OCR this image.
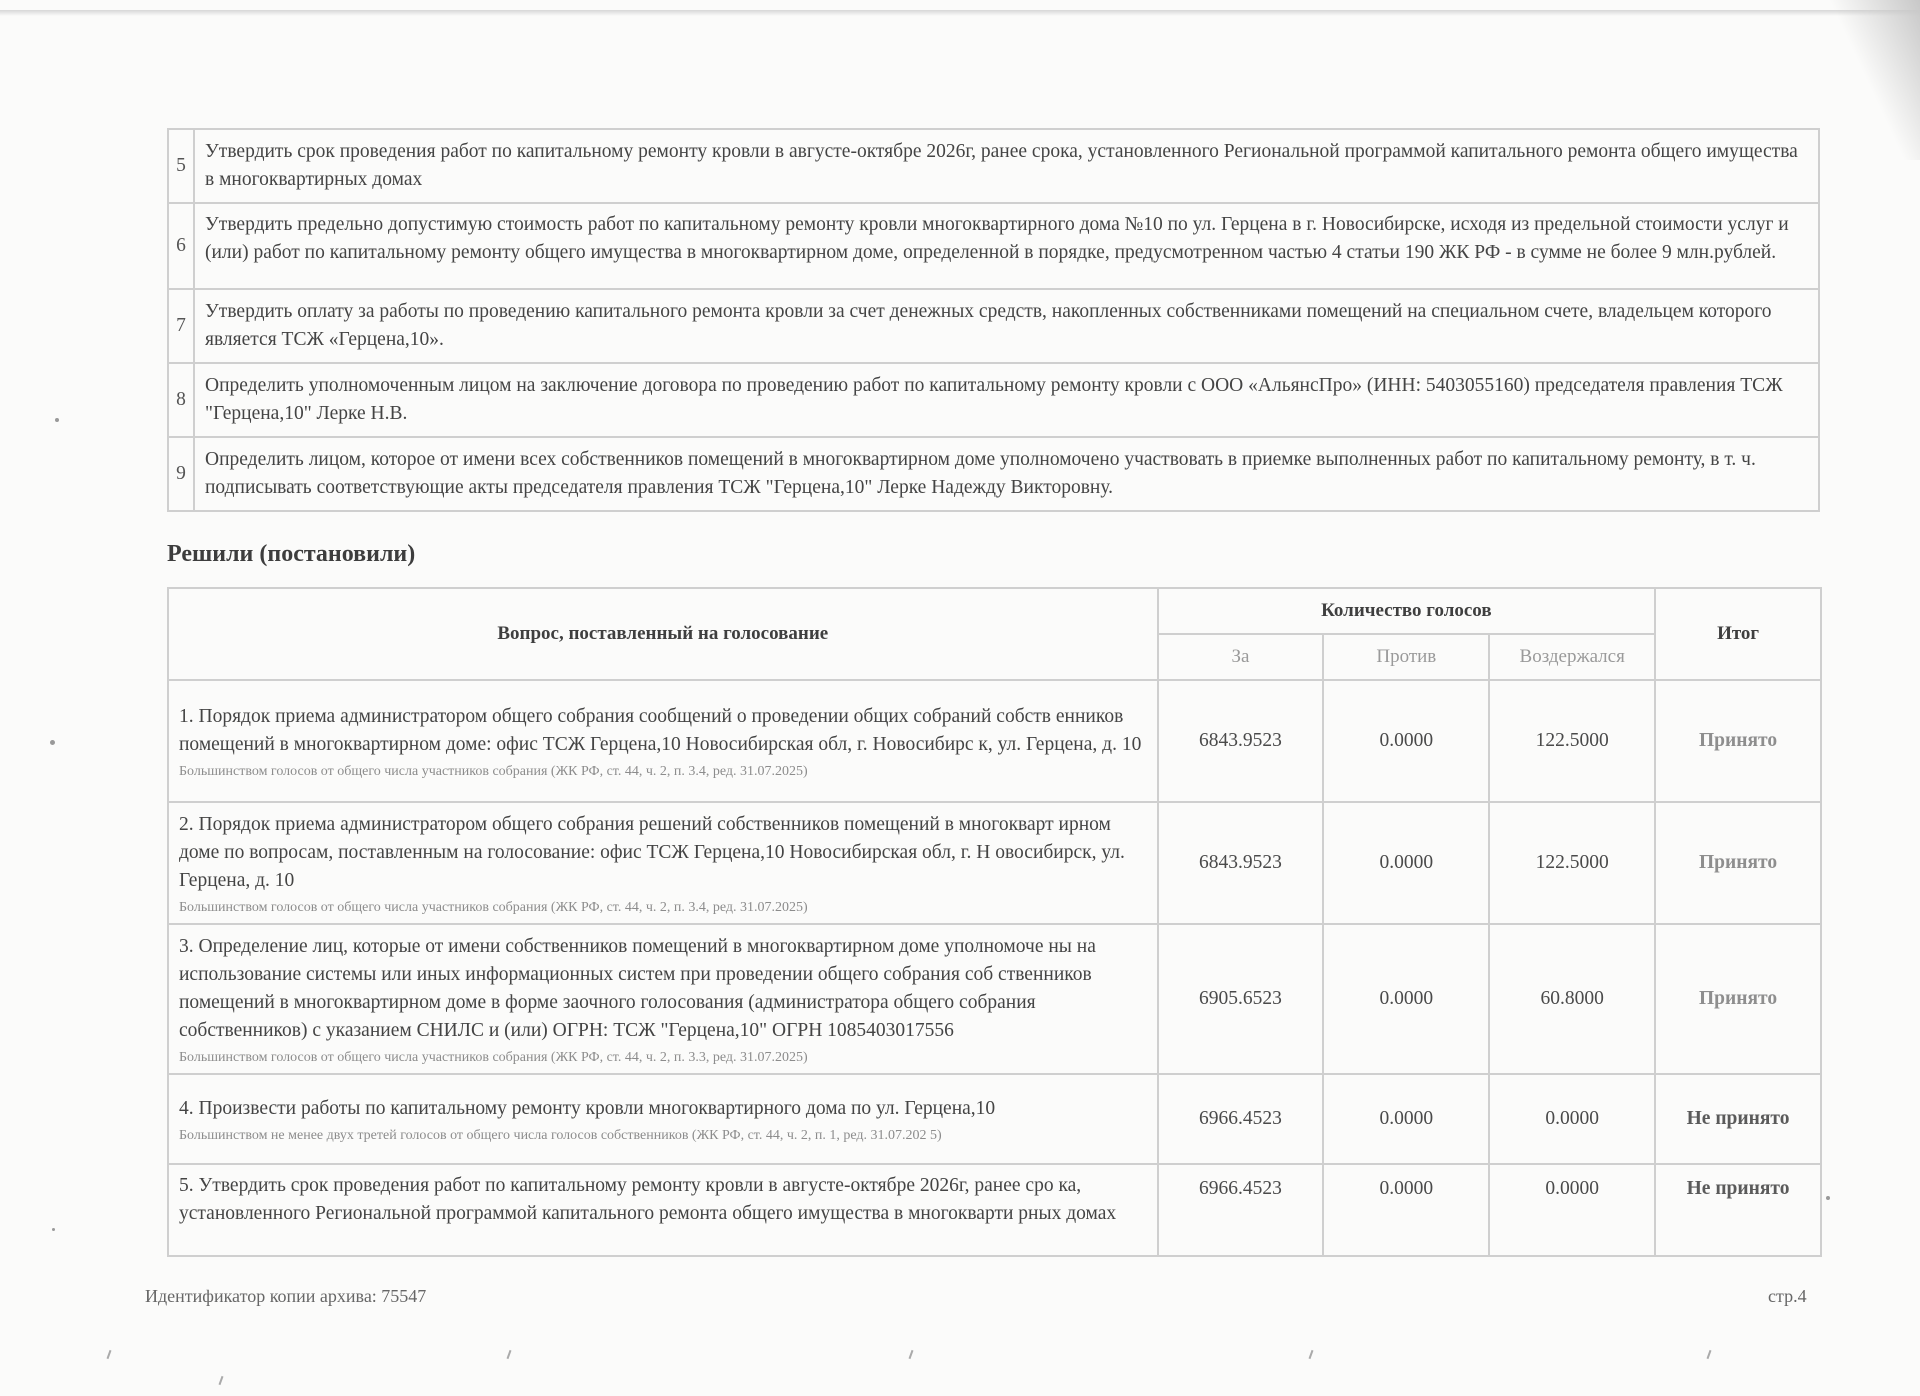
5	Утвердить срок проведения работ по капитальному ремонту кровли в августе-октябре 2026г, ранее срока, установленного Региональной программой капитального ремонта общего имущества в многоквартирных домах
6	Утвердить предельно допустимую стоимость работ по капитальному ремонту кровли многоквартирного дома №10 по ул. Герцена в г. Новосибирске, исходя из предельной стоимости услуг и (или) работ по капитальному ремонту общего имущества в многоквартирном доме, определенной в порядке, предусмотренном частью 4 статьи 190 ЖК РФ - в сумме не более 9 млн.рублей.

7	Утвердить оплату за работы по проведению капитального ремонта кровли за счет денежных средств, накопленных собственниками помещений на специальном счете, владельцем которого является ТСЖ «Герцена,10».
8	Определить уполномоченным лицом на заключение договора по проведению работ по капитальному ремонту кровли с ООО «АльянсПро» (ИНН: 5403055160) председателя правления ТСЖ "Герцена,10" Лерке Н.В.
9	Определить лицом, которое от имени всех собственников помещений в многоквартирном доме уполномочено участвовать в приемке выполненных работ по капитальному ремонту, в т. ч. подписывать соответствующие акты председателя правления ТСЖ "Герцена,10" Лерке Надежду Викторовну.
Решили (постановили)
Вопрос, поставленный на голосование	Количество голосов			Итог
	За	Против	Воздержался	

1. Порядок приема администратором общего собрания сообщений о проведении общих собраний собств енников помещений в многоквартирном доме: офис ТСЖ Герцена,10 Новосибирская обл, г. Новосибирс к, ул. Герцена, д. 10
Большинством голосов от общего числа участников собрания (ЖК РФ, ст. 44, ч. 2, п. 3.4, ред. 31.07.2025)	6843.9523	0.0000	122.5000	Принято

2. Порядок приема администратором общего собрания решений собственников помещений в многокварт ирном доме по вопросам, поставленным на голосование: офис ТСЖ Герцена,10 Новосибирская обл, г. Н овосибирск, ул. Герцена, д. 10
Большинством голосов от общего числа участников собрания (ЖК РФ, ст. 44, ч. 2, п. 3.4, ред. 31.07.2025)	6843.9523	0.0000	122.5000	Принято

3. Определение лиц, которые от имени собственников помещений в многоквартирном доме уполномоче ны на использование системы или иных информационных систем при проведении общего собрания соб ственников помещений в многоквартирном доме в форме заочного голосования (администратора общего собрания собственников) с указанием СНИЛС и (или) ОГРН: ТСЖ "Герцена,10" ОГРН 1085403017556
Большинством голосов от общего числа участников собрания (ЖК РФ, ст. 44, ч. 2, п. 3.3, ред. 31.07.2025)	6905.6523	0.0000	60.8000	Принято

4. Произвести работы по капитальному ремонту кровли многоквартирного дома по ул. Герцена,10
Большинством не менее двух третей голосов от общего числа голосов собственников (ЖК РФ, ст. 44, ч. 2, п. 1, ред. 31.07.202 5)	6966.4523	0.0000	0.0000	Не принято

5. Утвердить срок проведения работ по капитальному ремонту кровли в августе-октябре 2026г, ранее сро ка, установленного Региональной программой капитального ремонта общего имущества в многокварти рных домах	6966.4523	0.0000	0.0000	Не принято
Идентификатор копии архива: 75547	стр.4
